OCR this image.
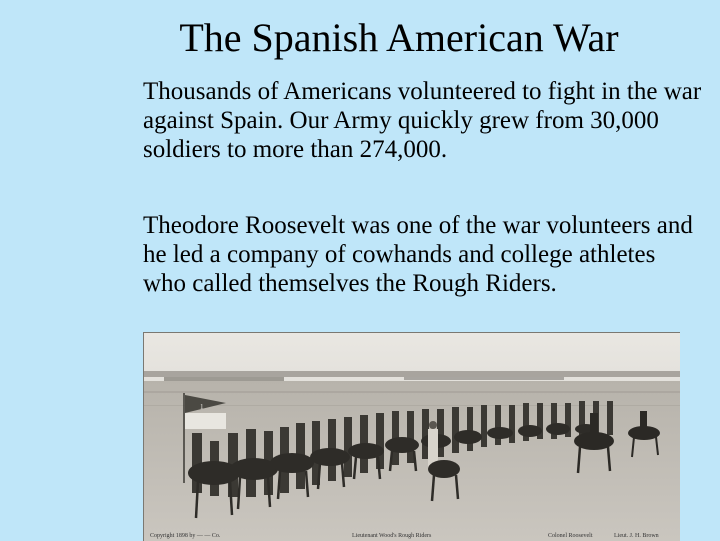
The Spanish American War

Thousands of Americans volunteered to fight in the war against Spain. Our Army quickly grew from 30,000 soldiers to more than 274,000.

Theodore Roosevelt was one of the war volunteers and he led a company of cowhands and college athletes who called themselves the Rough Riders.

1
Copyright 1898 by — — Co.	Lieutenant Wood's Rough Riders	Colonel Roosevelt	Lieut. J. H. Brown
